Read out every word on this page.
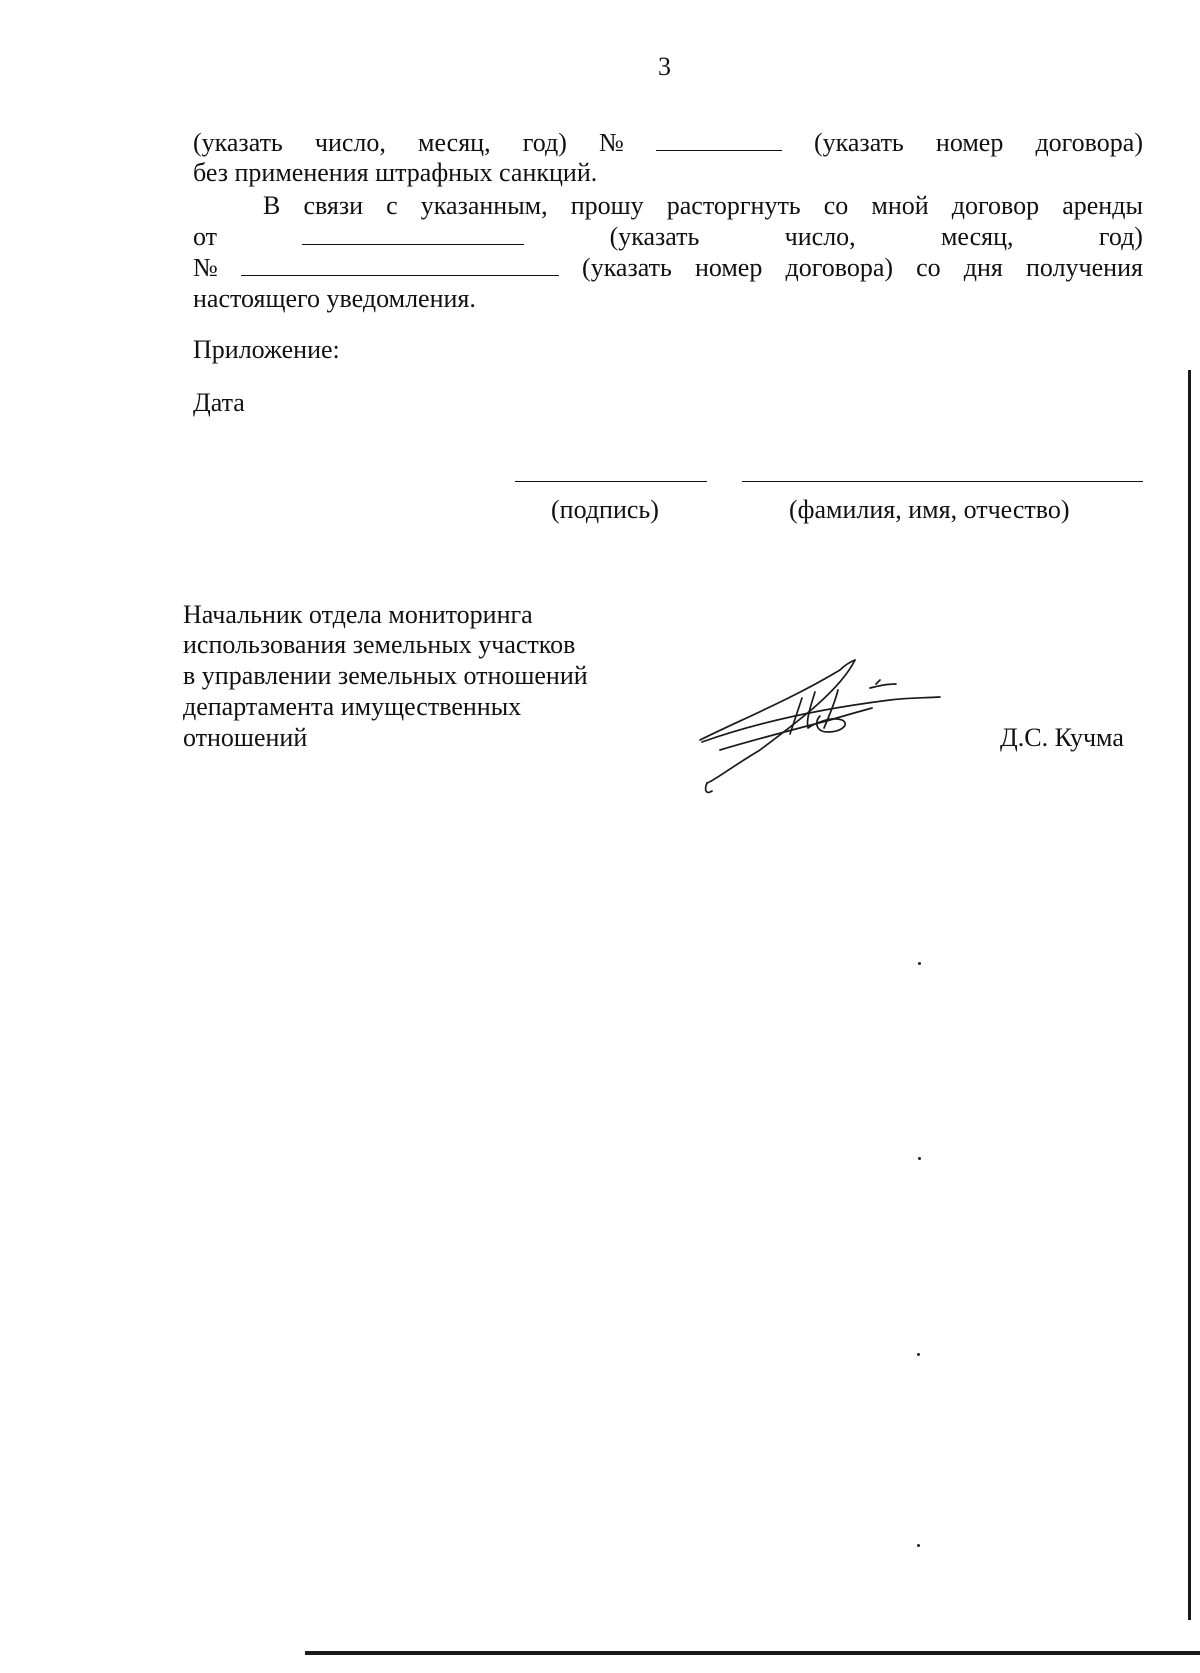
3
(указать число, месяц, год) №	(указать номер договора)
без применения штрафных санкций.
В связи с указанным, прошу расторгнуть со мной договор аренды
от	(указать	число,	месяц,	год)
№	(указать номер договора) со дня получения
настоящего уведомления.
Приложение:
Дата
(подпись)	(фамилия, имя, отчество)
Начальник отдела мониторинга
использования земельных участков
в управлении земельных отношений
департамента имущественных
отношений	Д.С. Кучма
